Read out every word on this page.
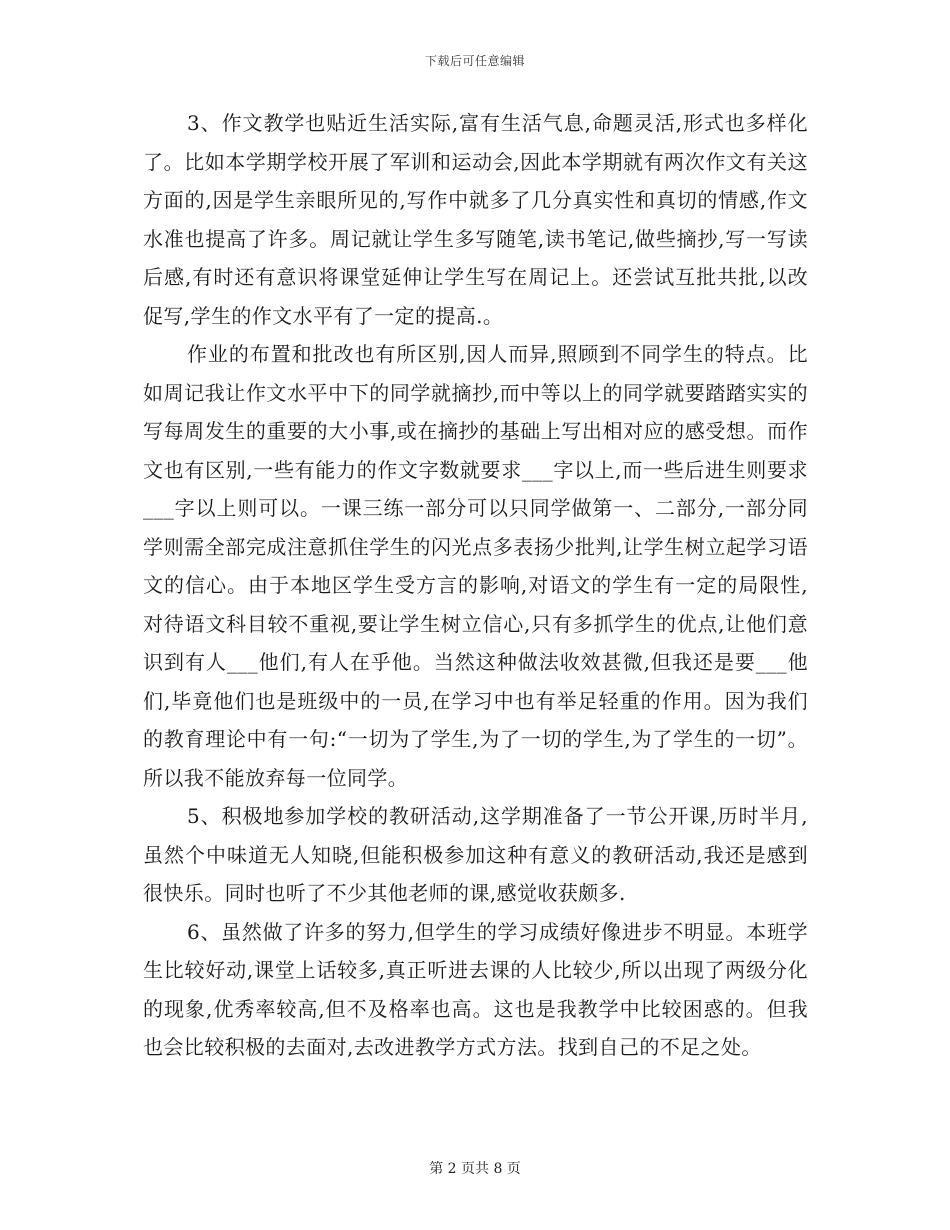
下载后可任意编辑

3、作文教学也贴近生活实际,富有生活气息,命题灵活,形式也多样化了。比如本学期学校开展了军训和运动会,因此本学期就有两次作文有关这方面的,因是学生亲眼所见的,写作中就多了几分真实性和真切的情感,作文水准也提高了许多。周记就让学生多写随笔,读书笔记,做些摘抄,写一写读后感,有时还有意识将课堂延伸让学生写在周记上。还尝试互批共批,以改促写,学生的作文水平有了一定的提高.。

作业的布置和批改也有所区别,因人而异,照顾到不同学生的特点。比如周记我让作文水平中下的同学就摘抄,而中等以上的同学就要踏踏实实的写每周发生的重要的大小事,或在摘抄的基础上写出相对应的感受想。而作文也有区别,一些有能力的作文字数就要求___字以上,而一些后进生则要求___字以上则可以。一课三练一部分可以只同学做第一、二部分,一部分同学则需全部完成注意抓住学生的闪光点多表扬少批判,让学生树立起学习语文的信心。由于本地区学生受方言的影响,对语文的学生有一定的局限性,对待语文科目较不重视,要让学生树立信心,只有多抓学生的优点,让他们意识到有人___他们,有人在乎他。当然这种做法收效甚微,但我还是要___他们,毕竟他们也是班级中的一员,在学习中也有举足轻重的作用。因为我们的教育理论中有一句:“一切为了学生,为了一切的学生,为了学生的一切”。所以我不能放弃每一位同学。

5、积极地参加学校的教研活动,这学期准备了一节公开课,历时半月,虽然个中味道无人知晓,但能积极参加这种有意义的教研活动,我还是感到很快乐。同时也听了不少其他老师的课,感觉收获颇多.

6、虽然做了许多的努力,但学生的学习成绩好像进步不明显。本班学生比较好动,课堂上话较多,真正听进去课的人比较少,所以出现了两级分化的现象,优秀率较高,但不及格率也高。这也是我教学中比较困惑的。但我也会比较积极的去面对,去改进教学方式方法。找到自己的不足之处。

第 2 页共 8 页
